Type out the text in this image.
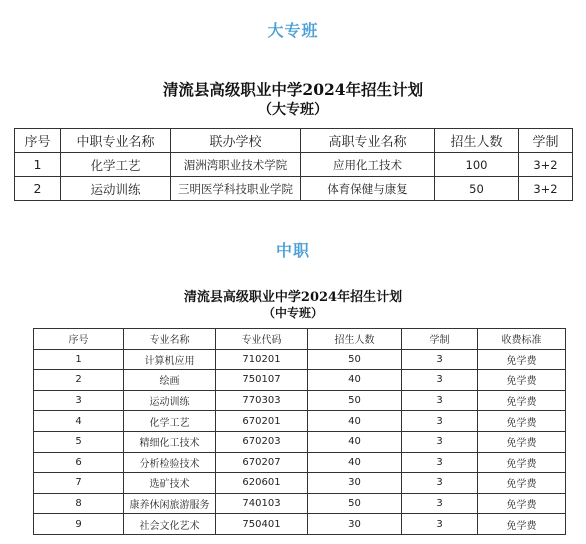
大专班
清流县高级职业中学2024年招生计划
（大专班）
序号	中职专业名称	联办学校	高职专业名称	招生人数	学制
1	化学工艺	湄洲湾职业技术学院	应用化工技术	100	3+2
2	运动训练	三明医学科技职业学院	体育保健与康复	50	3+2
中职
清流县高级职业中学2024年招生计划
（中专班）
序号	专业名称	专业代码	招生人数	学制	收费标准
1	计算机应用	710201	50	3	免学费
2	绘画	750107	40	3	免学费
3	运动训练	770303	50	3	免学费
4	化学工艺	670201	40	3	免学费
5	精细化工技术	670203	40	3	免学费
6	分析检验技术	670207	40	3	免学费
7	选矿技术	620601	30	3	免学费
8	康养休闲旅游服务	740103	50	3	免学费
9	社会文化艺术	750401	30	3	免学费
